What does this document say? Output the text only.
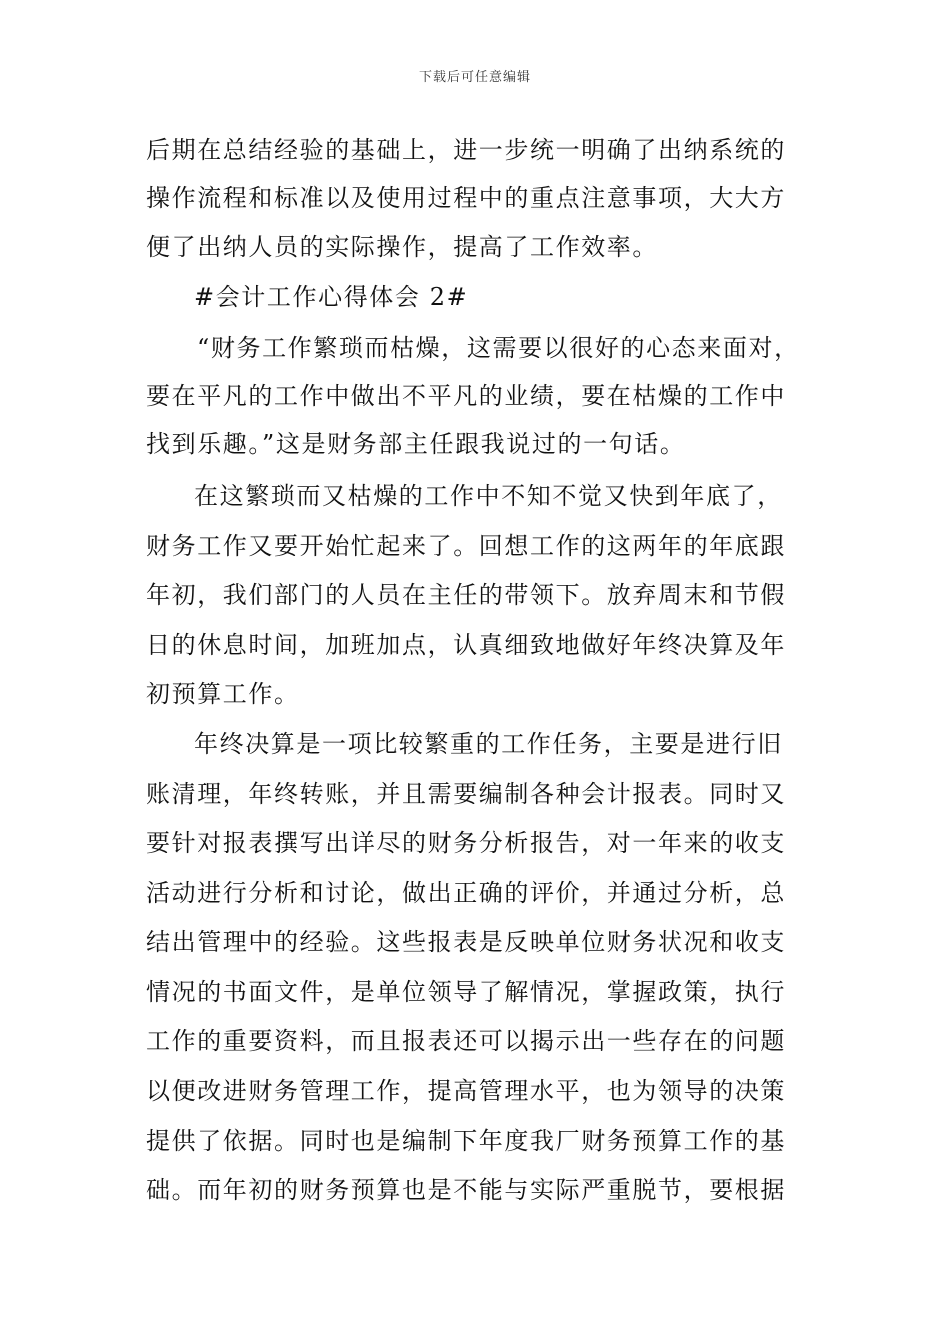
下载后可任意编辑
后期在总结经验的基础上，进一步统一明确了出纳系统的
操作流程和标准以及使用过程中的重点注意事项，大大方
便了出纳人员的实际操作，提高了工作效率。
#会计工作心得体会 2#
“财务工作繁琐而枯燥，这需要以很好的心态来面对，
要在平凡的工作中做出不平凡的业绩，要在枯燥的工作中
找到乐趣。”这是财务部主任跟我说过的一句话。
在这繁琐而又枯燥的工作中不知不觉又快到年底了，
财务工作又要开始忙起来了。回想工作的这两年的年底跟
年初，我们部门的人员在主任的带领下。放弃周末和节假
日的休息时间，加班加点，认真细致地做好年终决算及年
初预算工作。
年终决算是一项比较繁重的工作任务，主要是进行旧
账清理，年终转账，并且需要编制各种会计报表。同时又
要针对报表撰写出详尽的财务分析报告，对一年来的收支
活动进行分析和讨论，做出正确的评价，并通过分析，总
结出管理中的经验。这些报表是反映单位财务状况和收支
情况的书面文件，是单位领导了解情况，掌握政策，执行
工作的重要资料，而且报表还可以揭示出一些存在的问题
以便改进财务管理工作，提高管理水平，也为领导的决策
提供了依据。同时也是编制下年度我厂财务预算工作的基
础。而年初的财务预算也是不能与实际严重脱节，要根据
